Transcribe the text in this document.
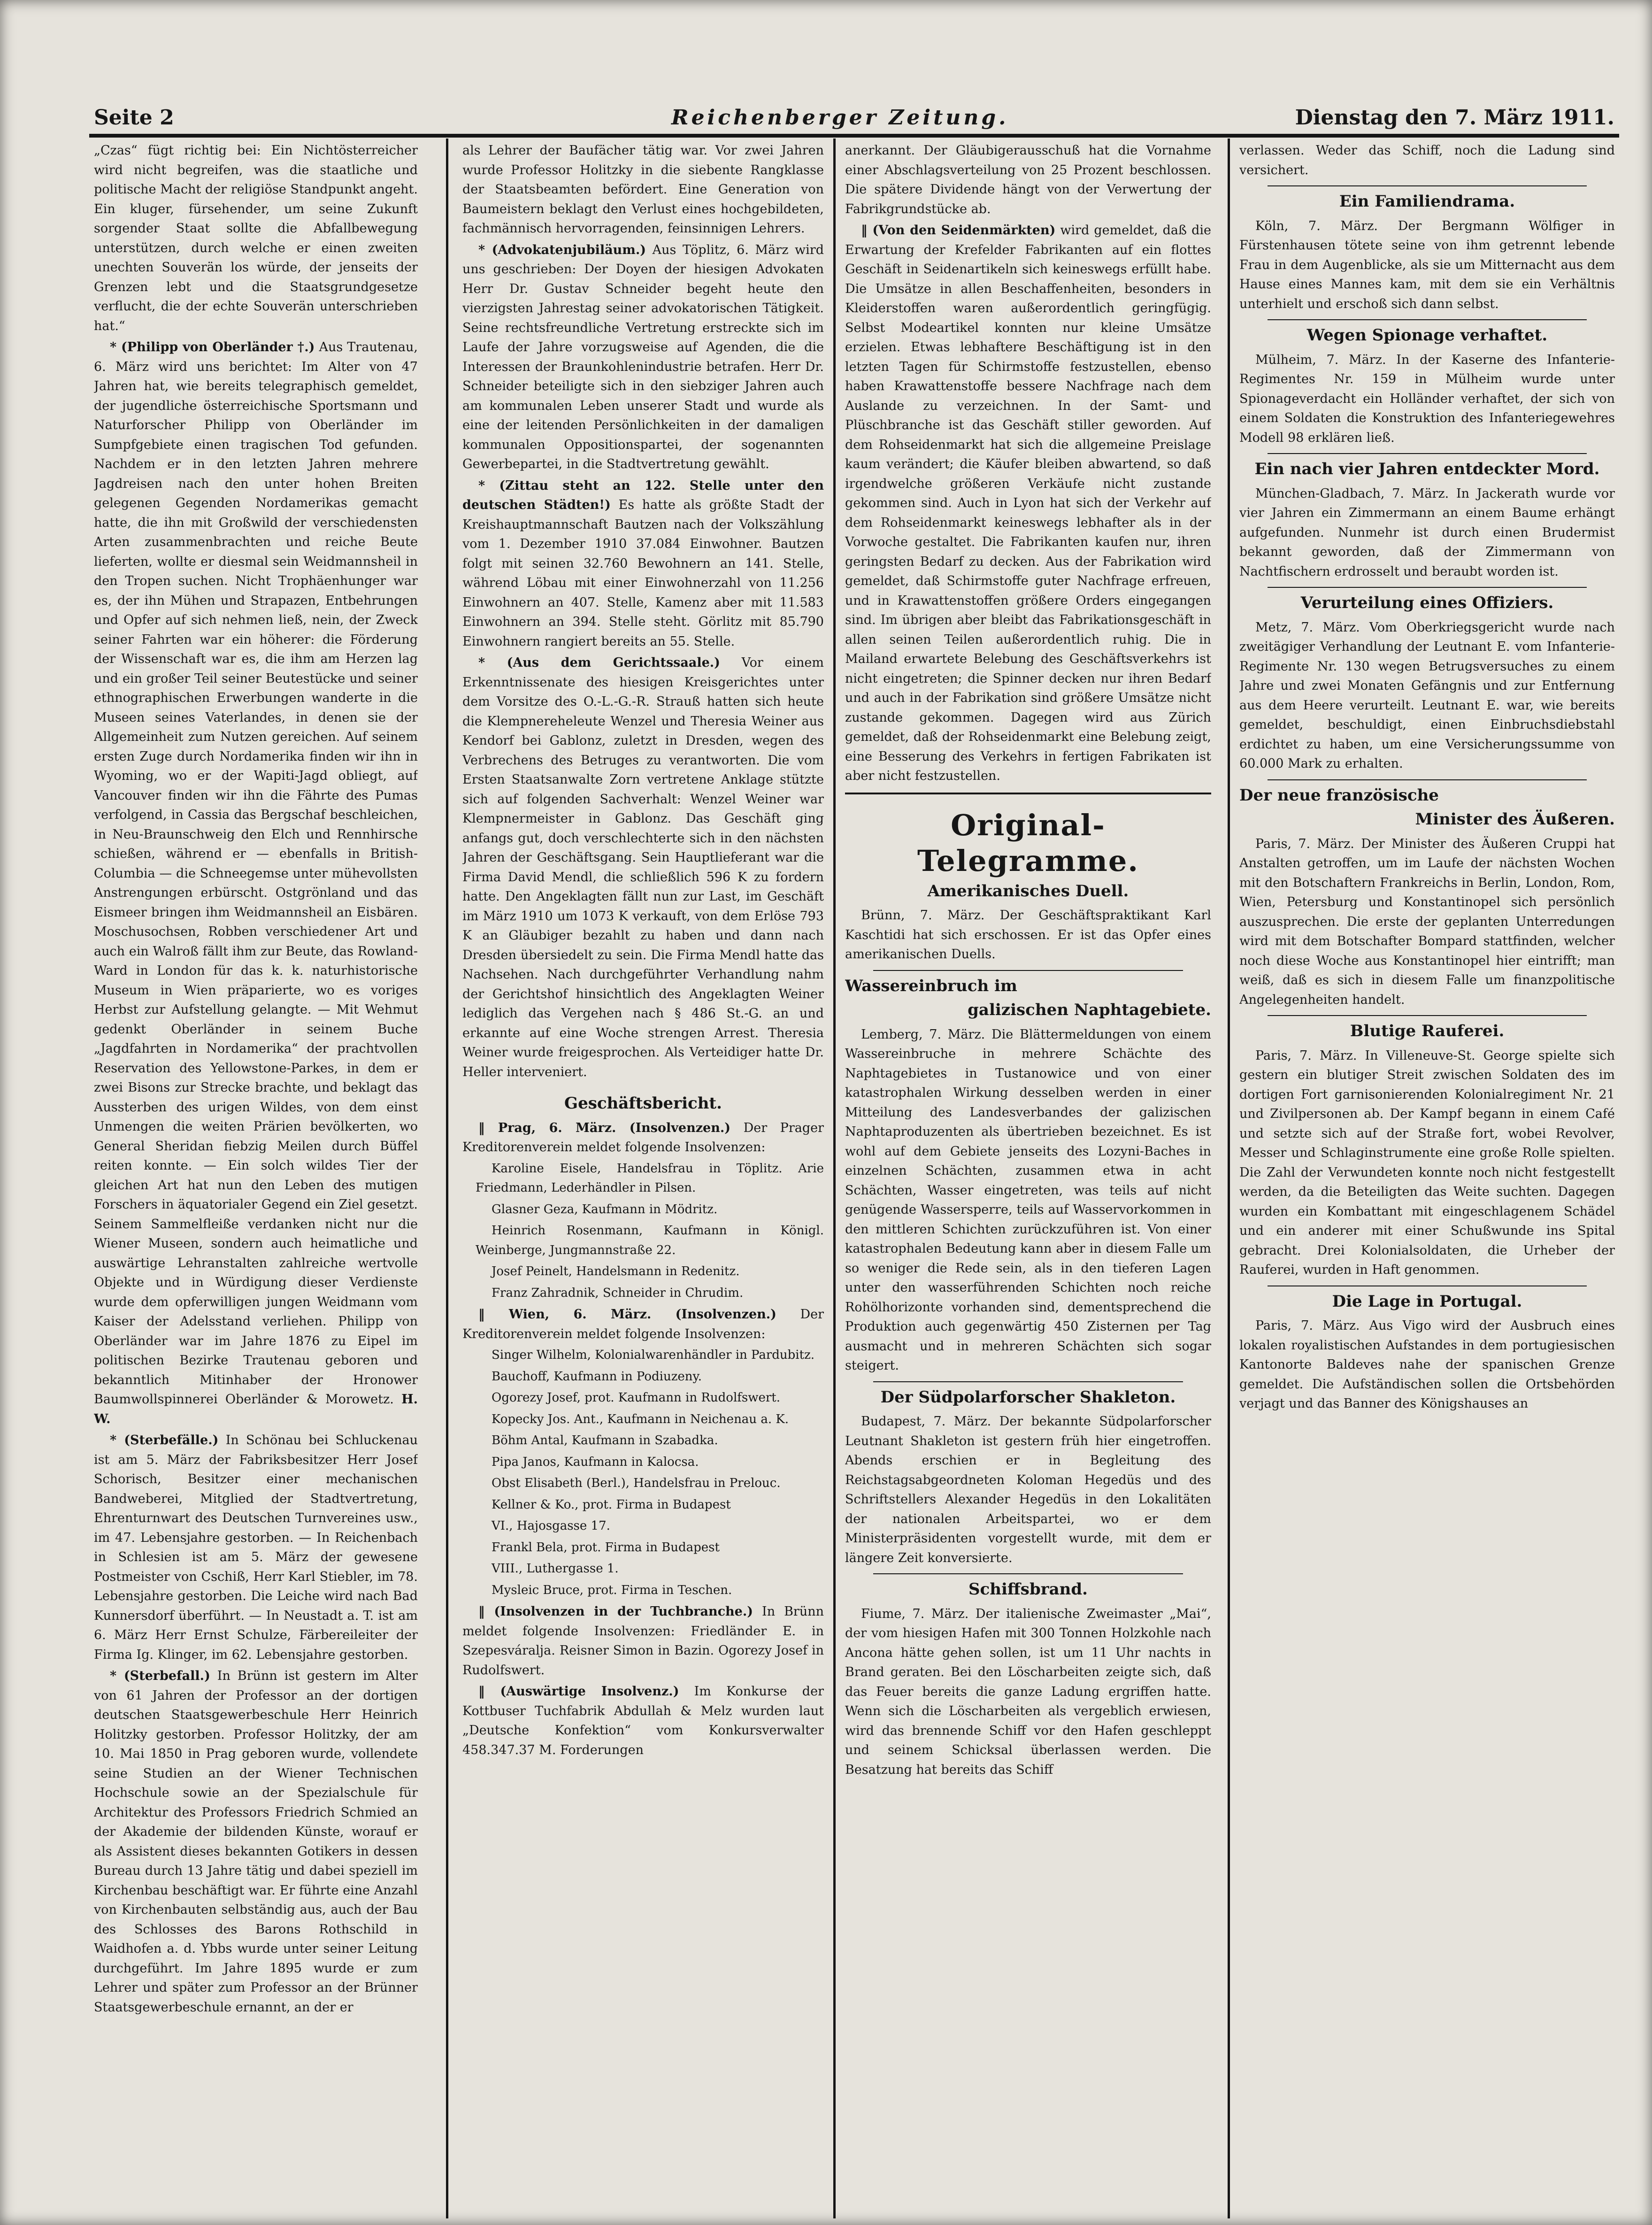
Seite 2	Reichenberger Zeitung.	Dienstag den 7. März 1911.

„Czas“ fügt richtig bei: Ein Nichtösterreicher wird nicht begreifen, was die staatliche und politische Macht der religiöse Standpunkt angeht. Ein kluger, fürsehender, um seine Zukunft sorgender Staat sollte die Abfallbewegung unterstützen, durch welche er einen zweiten unechten Souverän los würde, der jenseits der Grenzen lebt und die Staatsgrundgesetze verflucht, die der echte Souverän unterschrieben hat.“

* (Philipp von Oberländer †.) Aus Trautenau, 6. März wird uns berichtet: Im Alter von 47 Jahren hat, wie bereits telegraphisch gemeldet, der jugendliche österreichische Sportsmann und Naturforscher Philipp von Oberländer im Sumpfgebiete einen tragischen Tod gefunden. Nachdem er in den letzten Jahren mehrere Jagdreisen nach den unter hohen Breiten gelegenen Gegenden Nordamerikas gemacht hatte, die ihn mit Großwild der verschiedensten Arten zusammenbrachten und reiche Beute lieferten, wollte er diesmal sein Weidmannsheil in den Tropen suchen. Nicht Trophäenhunger war es, der ihn Mühen und Strapazen, Entbehrungen und Opfer auf sich nehmen ließ, nein, der Zweck seiner Fahrten war ein höherer: die Förderung der Wissenschaft war es, die ihm am Herzen lag und ein großer Teil seiner Beutestücke und seiner ethnographischen Erwerbungen wanderte in die Museen seines Vaterlandes, in denen sie der Allgemeinheit zum Nutzen gereichen. Auf seinem ersten Zuge durch Nordamerika finden wir ihn in Wyoming, wo er der Wapiti-Jagd obliegt, auf Vancouver finden wir ihn die Fährte des Pumas verfolgend, in Cassia das Bergschaf beschleichen, in Neu-Braunschweig den Elch und Rennhirsche schießen, während er — ebenfalls in British-Columbia — die Schneegemse unter mühevollsten Anstrengungen erbürscht. Ostgrönland und das Eismeer bringen ihm Weidmannsheil an Eisbären. Moschusochsen, Robben verschiedener Art und auch ein Walroß fällt ihm zur Beute, das Rowland-Ward in London für das k. k. naturhistorische Museum in Wien präparierte, wo es voriges Herbst zur Aufstellung gelangte. — Mit Wehmut gedenkt Oberländer in seinem Buche „Jagdfahrten in Nordamerika“ der prachtvollen Reservation des Yellowstone-Parkes, in dem er zwei Bisons zur Strecke brachte, und beklagt das Aussterben des urigen Wildes, von dem einst Unmengen die weiten Prärien bevölkerten, wo General Sheridan fiebzig Meilen durch Büffel reiten konnte. — Ein solch wildes Tier der gleichen Art hat nun den Leben des mutigen Forschers in äquatorialer Gegend ein Ziel gesetzt. Seinem Sammelfleiße verdanken nicht nur die Wiener Museen, sondern auch heimatliche und auswärtige Lehranstalten zahlreiche wertvolle Objekte und in Würdigung dieser Verdienste wurde dem opferwilligen jungen Weidmann vom Kaiser der Adelsstand verliehen. Philipp von Oberländer war im Jahre 1876 zu Eipel im politischen Bezirke Trautenau geboren und bekanntlich Mitinhaber der Hronower Baumwollspinnerei Oberländer & Morowetz. H. W.

* (Sterbefälle.) In Schönau bei Schluckenau ist am 5. März der Fabriksbesitzer Herr Josef Schorisch, Besitzer einer mechanischen Bandweberei, Mitglied der Stadtvertretung, Ehrenturnwart des Deutschen Turnvereines usw., im 47. Lebensjahre gestorben. — In Reichenbach in Schlesien ist am 5. März der gewesene Postmeister von Cschiß, Herr Karl Stiebler, im 78. Lebensjahre gestorben. Die Leiche wird nach Bad Kunnersdorf überführt. — In Neustadt a. T. ist am 6. März Herr Ernst Schulze, Färbereileiter der Firma Ig. Klinger, im 62. Lebensjahre gestorben.

* (Sterbefall.) In Brünn ist gestern im Alter von 61 Jahren der Professor an der dortigen deutschen Staatsgewerbeschule Herr Heinrich Holitzky gestorben. Professor Holitzky, der am 10. Mai 1850 in Prag geboren wurde, vollendete seine Studien an der Wiener Technischen Hochschule sowie an der Spezialschule für Architektur des Professors Friedrich Schmied an der Akademie der bildenden Künste, worauf er als Assistent dieses bekannten Gotikers in dessen Bureau durch 13 Jahre tätig und dabei speziell im Kirchenbau beschäftigt war. Er führte eine Anzahl von Kirchenbauten selbständig aus, auch der Bau des Schlosses des Barons Rothschild in Waidhofen a. d. Ybbs wurde unter seiner Leitung durchgeführt. Im Jahre 1895 wurde er zum Lehrer und später zum Professor an der Brünner Staatsgewerbeschule ernannt, an der er

als Lehrer der Baufächer tätig war. Vor zwei Jahren wurde Professor Holitzky in die siebente Rangklasse der Staatsbeamten befördert. Eine Generation von Baumeistern beklagt den Verlust eines hochgebildeten, fachmännisch hervorragenden, feinsinnigen Lehrers.

* (Advokatenjubiläum.) Aus Töplitz, 6. März wird uns geschrieben: Der Doyen der hiesigen Advokaten Herr Dr. Gustav Schneider begeht heute den vierzigsten Jahrestag seiner advokatorischen Tätigkeit. Seine rechtsfreundliche Vertretung erstreckte sich im Laufe der Jahre vorzugsweise auf Agenden, die die Interessen der Braunkohlenindustrie betrafen. Herr Dr. Schneider beteiligte sich in den siebziger Jahren auch am kommunalen Leben unserer Stadt und wurde als eine der leitenden Persönlichkeiten in der damaligen kommunalen Oppositionspartei, der sogenannten Gewerbepartei, in die Stadtvertretung gewählt.

* (Zittau steht an 122. Stelle unter den deutschen Städten!) Es hatte als größte Stadt der Kreishauptmannschaft Bautzen nach der Volkszählung vom 1. Dezember 1910 37.084 Einwohner. Bautzen folgt mit seinen 32.760 Bewohnern an 141. Stelle, während Löbau mit einer Einwohnerzahl von 11.256 Einwohnern an 407. Stelle, Kamenz aber mit 11.583 Einwohnern an 394. Stelle steht. Görlitz mit 85.790 Einwohnern rangiert bereits an 55. Stelle.

* (Aus dem Gerichtssaale.) Vor einem Erkenntnissenate des hiesigen Kreisgerichtes unter dem Vorsitze des O.-L.-G.-R. Strauß hatten sich heute die Klempnereheleute Wenzel und Theresia Weiner aus Kendorf bei Gablonz, zuletzt in Dresden, wegen des Verbrechens des Betruges zu verantworten. Die vom Ersten Staatsanwalte Zorn vertretene Anklage stützte sich auf folgenden Sachverhalt: Wenzel Weiner war Klempnermeister in Gablonz. Das Geschäft ging anfangs gut, doch verschlechterte sich in den nächsten Jahren der Geschäftsgang. Sein Hauptlieferant war die Firma David Mendl, die schließlich 596 K zu fordern hatte. Den Angeklagten fällt nun zur Last, im Geschäft im März 1910 um 1073 K verkauft, von dem Erlöse 793 K an Gläubiger bezahlt zu haben und dann nach Dresden übersiedelt zu sein. Die Firma Mendl hatte das Nachsehen. Nach durchgeführter Verhandlung nahm der Gerichtshof hinsichtlich des Angeklagten Weiner lediglich das Vergehen nach § 486 St.-G. an und erkannte auf eine Woche strengen Arrest. Theresia Weiner wurde freigesprochen. Als Verteidiger hatte Dr. Heller interveniert.

Geschäftsbericht.

‖ Prag, 6. März. (Insolvenzen.) Der Prager Kreditorenverein meldet folgende Insolvenzen:

Karoline Eisele, Handelsfrau in Töplitz. Arie Friedmann, Lederhändler in Pilsen.

Glasner Geza, Kaufmann in Mödritz.

Heinrich Rosenmann, Kaufmann in Königl. Weinberge, Jungmannstraße 22.

Josef Peinelt, Handelsmann in Redenitz.

Franz Zahradnik, Schneider in Chrudim.

‖ Wien, 6. März. (Insolvenzen.) Der Kreditorenverein meldet folgende Insolvenzen:

Singer Wilhelm, Kolonialwarenhändler in Pardubitz.

Bauchoff, Kaufmann in Podiuzeny.

Ogorezy Josef, prot. Kaufmann in Rudolfswert.

Kopecky Jos. Ant., Kaufmann in Neichenau a. K.

Böhm Antal, Kaufmann in Szabadka.

Pipa Janos, Kaufmann in Kalocsa.

Obst Elisabeth (Berl.), Handelsfrau in Prelouc.

Kellner & Ko., prot. Firma in Budapest

VI., Hajosgasse 17.

Frankl Bela, prot. Firma in Budapest

VIII., Luthergasse 1.

Mysleic Bruce, prot. Firma in Teschen.

‖ (Insolvenzen in der Tuchbranche.) In Brünn meldet folgende Insolvenzen: Friedländer E. in Szepesváralja. Reisner Simon in Bazin. Ogorezy Josef in Rudolfswert.

‖ (Auswärtige Insolvenz.) Im Konkurse der Kottbuser Tuchfabrik Abdullah & Melz wurden laut „Deutsche Konfektion“ vom Konkursverwalter 458.347.37 M. Forderungen

anerkannt. Der Gläubigerausschuß hat die Vornahme einer Abschlagsverteilung von 25 Prozent beschlossen. Die spätere Dividende hängt von der Verwertung der Fabrikgrundstücke ab.

‖ (Von den Seidenmärkten) wird gemeldet, daß die Erwartung der Krefelder Fabrikanten auf ein flottes Geschäft in Seidenartikeln sich keineswegs erfüllt habe. Die Umsätze in allen Beschaffenheiten, besonders in Kleiderstoffen waren außerordentlich geringfügig. Selbst Modeartikel konnten nur kleine Umsätze erzielen. Etwas lebhaftere Beschäftigung ist in den letzten Tagen für Schirmstoffe festzustellen, ebenso haben Krawattenstoffe bessere Nachfrage nach dem Auslande zu verzeichnen. In der Samt- und Plüschbranche ist das Geschäft stiller geworden. Auf dem Rohseidenmarkt hat sich die allgemeine Preislage kaum verändert; die Käufer bleiben abwartend, so daß irgendwelche größeren Verkäufe nicht zustande gekommen sind. Auch in Lyon hat sich der Verkehr auf dem Rohseidenmarkt keineswegs lebhafter als in der Vorwoche gestaltet. Die Fabrikanten kaufen nur, ihren geringsten Bedarf zu decken. Aus der Fabrikation wird gemeldet, daß Schirmstoffe guter Nachfrage erfreuen, und in Krawattenstoffen größere Orders eingegangen sind. Im übrigen aber bleibt das Fabrikationsgeschäft in allen seinen Teilen außerordentlich ruhig. Die in Mailand erwartete Belebung des Geschäftsverkehrs ist nicht eingetreten; die Spinner decken nur ihren Bedarf und auch in der Fabrikation sind größere Umsätze nicht zustande gekommen. Dagegen wird aus Zürich gemeldet, daß der Rohseidenmarkt eine Belebung zeigt, eine Besserung des Verkehrs in fertigen Fabrikaten ist aber nicht festzustellen.

Original-Telegramme.
Amerikanisches Duell.

Brünn, 7. März. Der Geschäftspraktikant Karl Kaschtidi hat sich erschossen. Er ist das Opfer eines amerikanischen Duells.

Wassereinbruch im
galizischen Naphtagebiete.

Lemberg, 7. März. Die Blättermeldungen von einem Wassereinbruche in mehrere Schächte des Naphtagebietes in Tustanowice und von einer katastrophalen Wirkung desselben werden in einer Mitteilung des Landesverbandes der galizischen Naphtaproduzenten als übertrieben bezeichnet. Es ist wohl auf dem Gebiete jenseits des Lozyni-Baches in einzelnen Schächten, zusammen etwa in acht Schächten, Wasser eingetreten, was teils auf nicht genügende Wassersperre, teils auf Wasservorkommen in den mittleren Schichten zurückzuführen ist. Von einer katastrophalen Bedeutung kann aber in diesem Falle um so weniger die Rede sein, als in den tieferen Lagen unter den wasserführenden Schichten noch reiche Rohölhorizonte vorhanden sind, dementsprechend die Produktion auch gegenwärtig 450 Zisternen per Tag ausmacht und in mehreren Schächten sich sogar steigert.

Der Südpolarforscher Shakleton.

Budapest, 7. März. Der bekannte Südpolarforscher Leutnant Shakleton ist gestern früh hier eingetroffen. Abends erschien er in Begleitung des Reichstagsabgeordneten Koloman Hegedüs und des Schriftstellers Alexander Hegedüs in den Lokalitäten der nationalen Arbeitspartei, wo er dem Ministerpräsidenten vorgestellt wurde, mit dem er längere Zeit konversierte.

Schiffsbrand.

Fiume, 7. März. Der italienische Zweimaster „Mai“, der vom hiesigen Hafen mit 300 Tonnen Holzkohle nach Ancona hätte gehen sollen, ist um 11 Uhr nachts in Brand geraten. Bei den Löscharbeiten zeigte sich, daß das Feuer bereits die ganze Ladung ergriffen hatte. Wenn sich die Löscharbeiten als vergeblich erwiesen, wird das brennende Schiff vor den Hafen geschleppt und seinem Schicksal überlassen werden. Die Besatzung hat bereits das Schiff

verlassen. Weder das Schiff, noch die Ladung sind versichert.

Ein Familiendrama.

Köln, 7. März. Der Bergmann Wölfiger in Fürstenhausen tötete seine von ihm getrennt lebende Frau in dem Augenblicke, als sie um Mitternacht aus dem Hause eines Mannes kam, mit dem sie ein Verhältnis unterhielt und erschoß sich dann selbst.

Wegen Spionage verhaftet.

Mülheim, 7. März. In der Kaserne des Infanterie-Regimentes Nr. 159 in Mülheim wurde unter Spionageverdacht ein Holländer verhaftet, der sich von einem Soldaten die Konstruktion des Infanteriegewehres Modell 98 erklären ließ.

Ein nach vier Jahren entdeckter Mord.

München-Gladbach, 7. März. In Jackerath wurde vor vier Jahren ein Zimmermann an einem Baume erhängt aufgefunden. Nunmehr ist durch einen Brudermist bekannt geworden, daß der Zimmermann von Nachtfischern erdrosselt und beraubt worden ist.

Verurteilung eines Offiziers.

Metz, 7. März. Vom Oberkriegsgericht wurde nach zweitägiger Verhandlung der Leutnant E. vom Infanterie-Regimente Nr. 130 wegen Betrugsversuches zu einem Jahre und zwei Monaten Gefängnis und zur Entfernung aus dem Heere verurteilt. Leutnant E. war, wie bereits gemeldet, beschuldigt, einen Einbruchsdiebstahl erdichtet zu haben, um eine Versicherungssumme von 60.000 Mark zu erhalten.

Der neue französische
Minister des Äußeren.

Paris, 7. März. Der Minister des Äußeren Cruppi hat Anstalten getroffen, um im Laufe der nächsten Wochen mit den Botschaftern Frankreichs in Berlin, London, Rom, Wien, Petersburg und Konstantinopel sich persönlich auszusprechen. Die erste der geplanten Unterredungen wird mit dem Botschafter Bompard stattfinden, welcher noch diese Woche aus Konstantinopel hier eintrifft; man weiß, daß es sich in diesem Falle um finanzpolitische Angelegenheiten handelt.

Blutige Rauferei.

Paris, 7. März. In Villeneuve-St. George spielte sich gestern ein blutiger Streit zwischen Soldaten des im dortigen Fort garnisonierenden Kolonialregiment Nr. 21 und Zivilpersonen ab. Der Kampf begann in einem Café und setzte sich auf der Straße fort, wobei Revolver, Messer und Schlaginstrumente eine große Rolle spielten. Die Zahl der Verwundeten konnte noch nicht festgestellt werden, da die Beteiligten das Weite suchten. Dagegen wurden ein Kombattant mit eingeschlagenem Schädel und ein anderer mit einer Schußwunde ins Spital gebracht. Drei Kolonialsoldaten, die Urheber der Rauferei, wurden in Haft genommen.

Die Lage in Portugal.

Paris, 7. März. Aus Vigo wird der Ausbruch eines lokalen royalistischen Aufstandes in dem portugiesischen Kantonorte Baldeves nahe der spanischen Grenze gemeldet. Die Aufständischen sollen die Ortsbehörden verjagt und das Banner des Königshauses an
